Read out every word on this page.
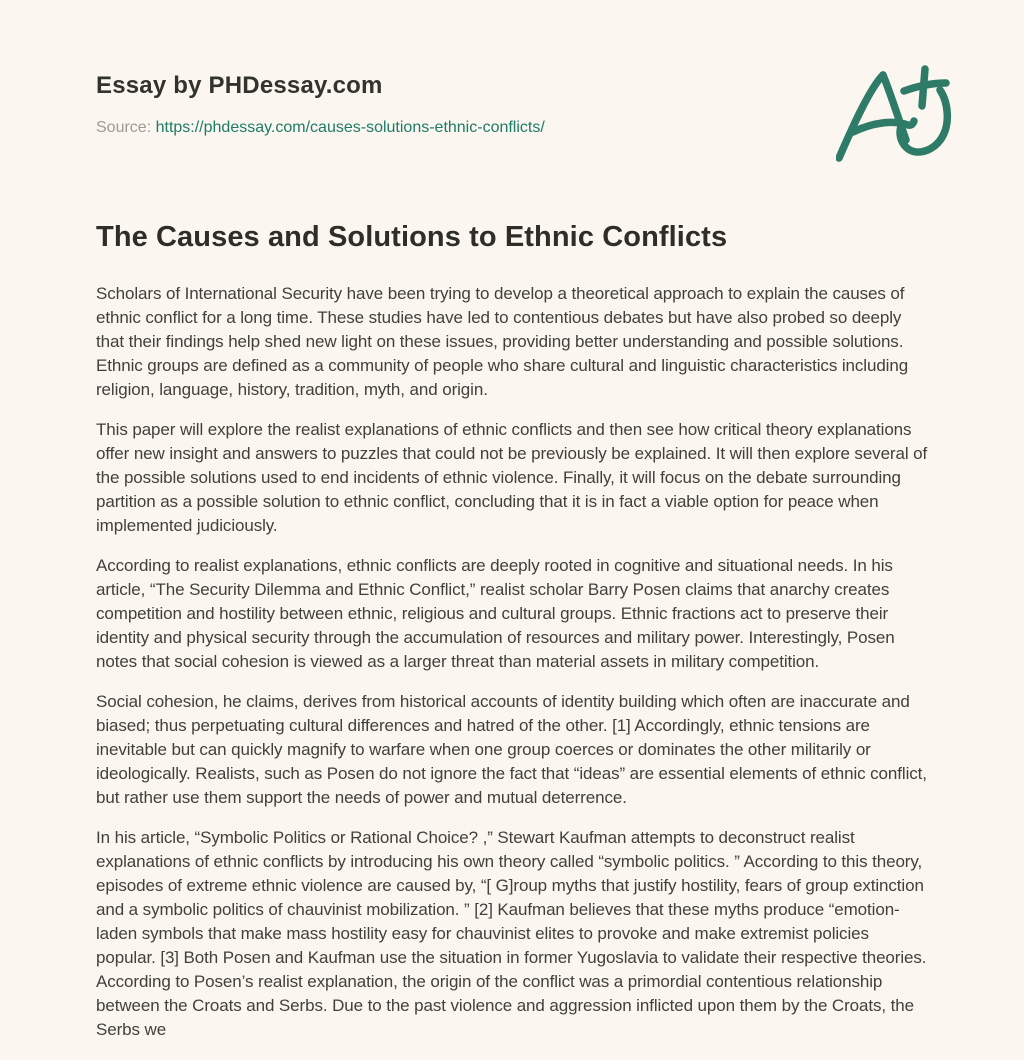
Essay by PHDessay.com

Source: https://phdessay.com/causes-solutions-ethnic-conflicts/

The Causes and Solutions to Ethnic Conflicts

Scholars of International Security have been trying to develop a theoretical approach to explain the causes of ethnic conflict for a long time. These studies have led to contentious debates but have also probed so deeply that their findings help shed new light on these issues, providing better understanding and possible solutions. Ethnic groups are defined as a community of people who share cultural and linguistic characteristics including religion, language, history, tradition, myth, and origin.

This paper will explore the realist explanations of ethnic conflicts and then see how critical theory explanations offer new insight and answers to puzzles that could not be previously be explained. It will then explore several of the possible solutions used to end incidents of ethnic violence. Finally, it will focus on the debate surrounding partition as a possible solution to ethnic conflict, concluding that it is in fact a viable option for peace when implemented judiciously.

According to realist explanations, ethnic conflicts are deeply rooted in cognitive and situational needs. In his article, “The Security Dilemma and Ethnic Conflict,” realist scholar Barry Posen claims that anarchy creates competition and hostility between ethnic, religious and cultural groups. Ethnic fractions act to preserve their identity and physical security through the accumulation of resources and military power. Interestingly, Posen notes that social cohesion is viewed as a larger threat than material assets in military competition.

Social cohesion, he claims, derives from historical accounts of identity building which often are inaccurate and biased; thus perpetuating cultural differences and hatred of the other. [1] Accordingly, ethnic tensions are inevitable but can quickly magnify to warfare when one group coerces or dominates the other militarily or ideologically. Realists, such as Posen do not ignore the fact that “ideas” are essential elements of ethnic conflict, but rather use them support the needs of power and mutual deterrence.

In his article, “Symbolic Politics or Rational Choice? ,” Stewart Kaufman attempts to deconstruct realist explanations of ethnic conflicts by introducing his own theory called “symbolic politics. ” According to this theory, episodes of extreme ethnic violence are caused by, “[ G]roup myths that justify hostility, fears of group extinction and a symbolic politics of chauvinist mobilization. ” [2] Kaufman believes that these myths produce “emotion-laden symbols that make mass hostility easy for chauvinist elites to provoke and make extremist policies popular. [3] Both Posen and Kaufman use the situation in former Yugoslavia to validate their respective theories. According to Posen’s realist explanation, the origin of the conflict was a primordial contentious relationship between the Croats and Serbs. Due to the past violence and aggression inflicted upon them by the Croats, the Serbs we
